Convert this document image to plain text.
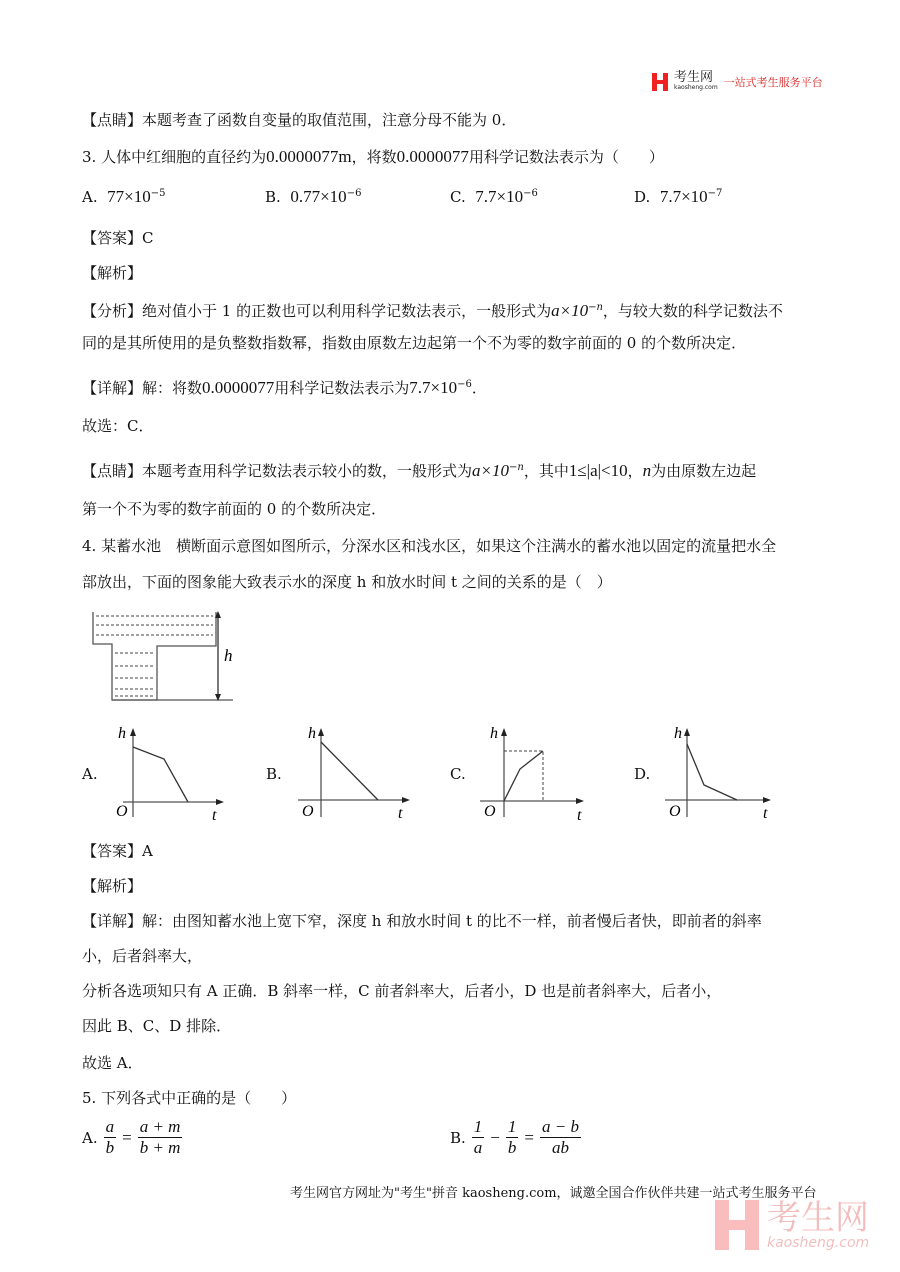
考生网
kaosheng.com 一站式考生服务平台
【点睛】本题考查了函数自变量的取值范围，注意分母不能为 0．
3. 人体中红细胞的直径约为0.0000077m，将数0.0000077用科学记数法表示为（　　）
A. $77\times 10^{-5}$	B. $0.77\times 10^{-6}$	C. $7.7\times 10^{-6}$	D. $7.7\times 10^{-7}$
【答案】C
【解析】
【分析】绝对值小于 1 的正数也可以利用科学记数法表示，一般形式为$a\times 10^{-n}$，与较大数的科学记数法不
同的是其所使用的是负整数指数幂，指数由原数左边起第一个不为零的数字前面的 0 的个数所决定．
【详解】解：将数0.0000077用科学记数法表示为$7.7\times 10^{-6}$．
故选：C．
【点睛】本题考查用科学记数法表示较小的数，一般形式为$a\times 10^{-n}$，其中1≤|a|<10，n为由原数左边起
第一个不为零的数字前面的 0 的个数所决定．
4. 某蓄水池　横断面示意图如图所示，分深水区和浅水区，如果这个注满水的蓄水池以固定的流量把水全
部放出，下面的图象能大致表示水的深度 h 和放水时间 t 之间的关系的是（　）
h
A.
h
O	t
B.
h
O	t
C.
h
O	t
D.
h
O	t
【答案】A
【解析】
【详解】解：由图知蓄水池上宽下窄，深度 h 和放水时间 t 的比不一样，前者慢后者快，即前者的斜率
小，后者斜率大，
分析各选项知只有 A 正确．B 斜率一样，C 前者斜率大，后者小，D 也是前者斜率大，后者小，
因此 B、C、D 排除．
故选 A．
5. 下列各式中正确的是（　　）
A. $\frac{a}{b} = \frac{a + m}{b + m}$	B. $\frac{1}{a} - \frac{1}{b} = \frac{a - b}{ab}$
考生网官方网址为"考生"拼音 kaosheng.com，诚邀全国合作伙伴共建一站式考生服务平台
考生网
kaosheng.com
